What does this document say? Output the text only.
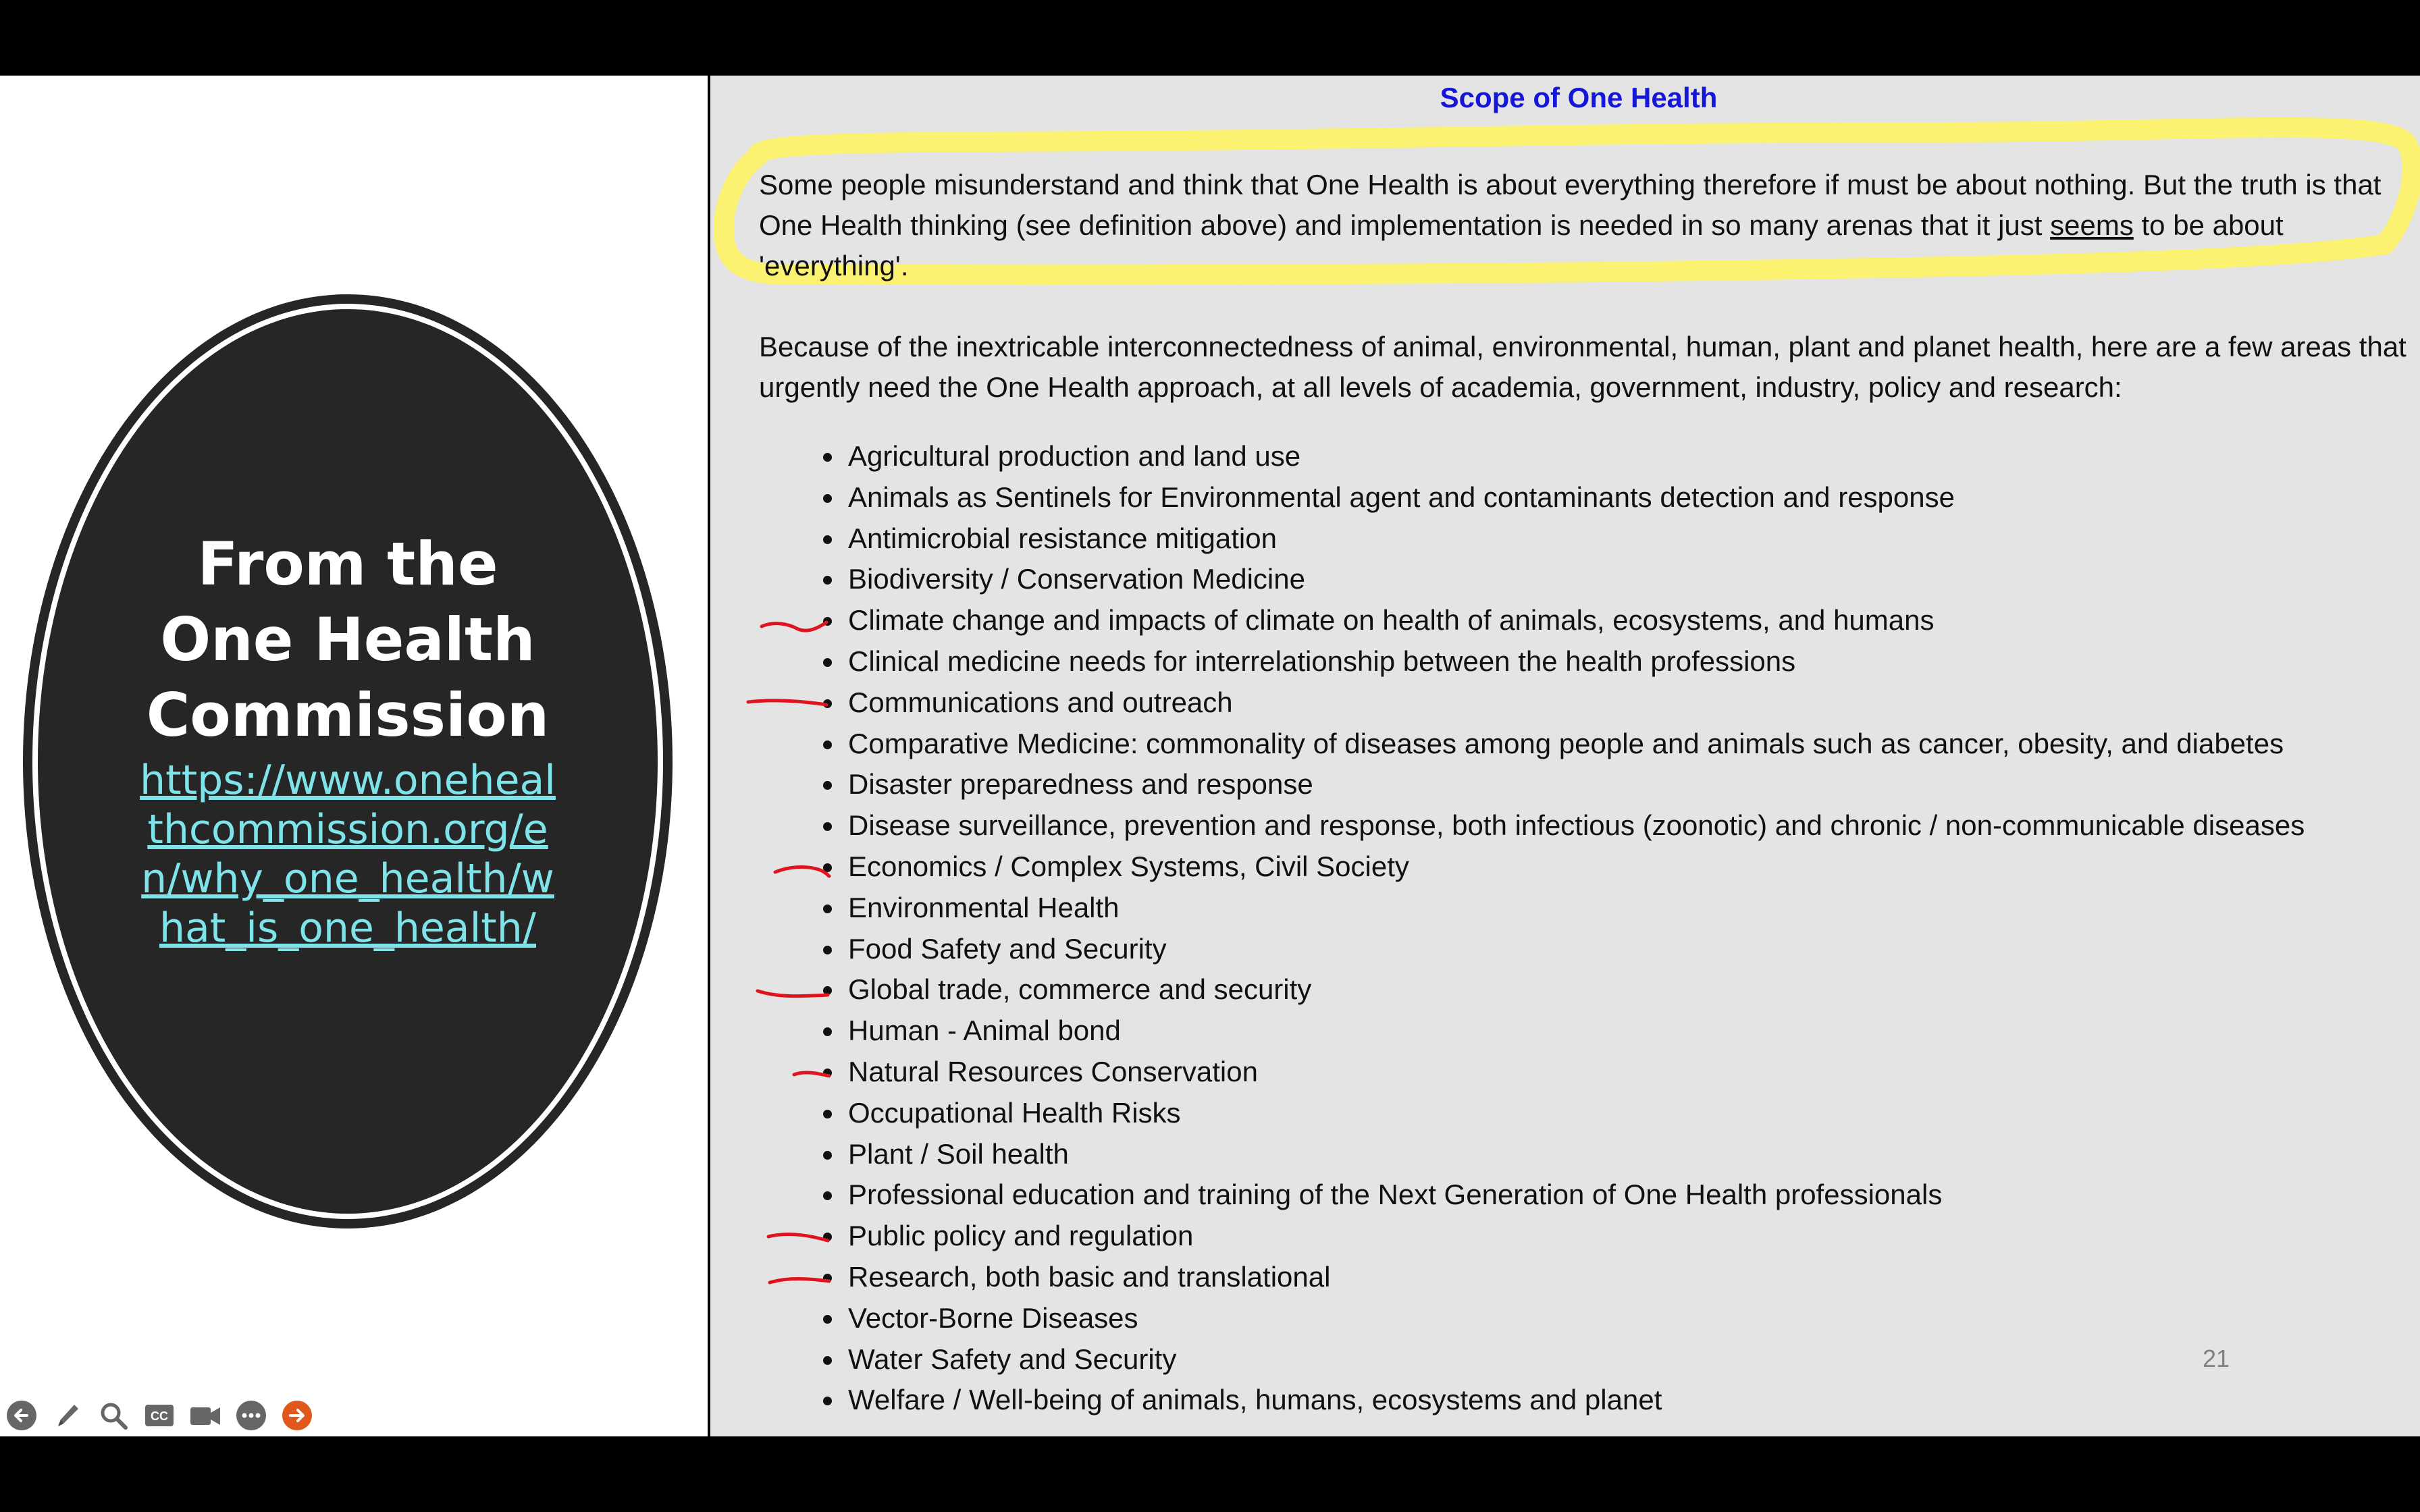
From the One Health Commission
https://www.onehealthcommission.org/en/why_one_health/what_is_one_health/
Scope of One Health
Some people misunderstand and think that One Health is about everything therefore if must be about nothing. But the truth is that One Health thinking (see definition above) and implementation is needed in so many arenas that it just seems to be about 'everything'.
Because of the inextricable interconnectedness of animal, environmental, human, plant and planet health, here are a few areas that urgently need the One Health approach, at all levels of academia, government, industry, policy and research:
Agricultural production and land use
Animals as Sentinels for Environmental agent and contaminants detection and response
Antimicrobial resistance mitigation
Biodiversity / Conservation Medicine
Climate change and impacts of climate on health of animals, ecosystems, and humans
Clinical medicine needs for interrelationship between the health professions
Communications and outreach
Comparative Medicine: commonality of diseases among people and animals such as cancer, obesity, and diabetes
Disaster preparedness and response
Disease surveillance, prevention and response, both infectious (zoonotic) and chronic / non-communicable diseases
Economics / Complex Systems, Civil Society
Environmental Health
Food Safety and Security
Global trade, commerce and security
Human - Animal bond
Natural Resources Conservation
Occupational Health Risks
Plant / Soil health
Professional education and training of the Next Generation of One Health professionals
Public policy and regulation
Research, both basic and translational
Vector-Borne Diseases
Water Safety and Security
Welfare / Well-being of animals, humans, ecosystems and planet
21
CC
